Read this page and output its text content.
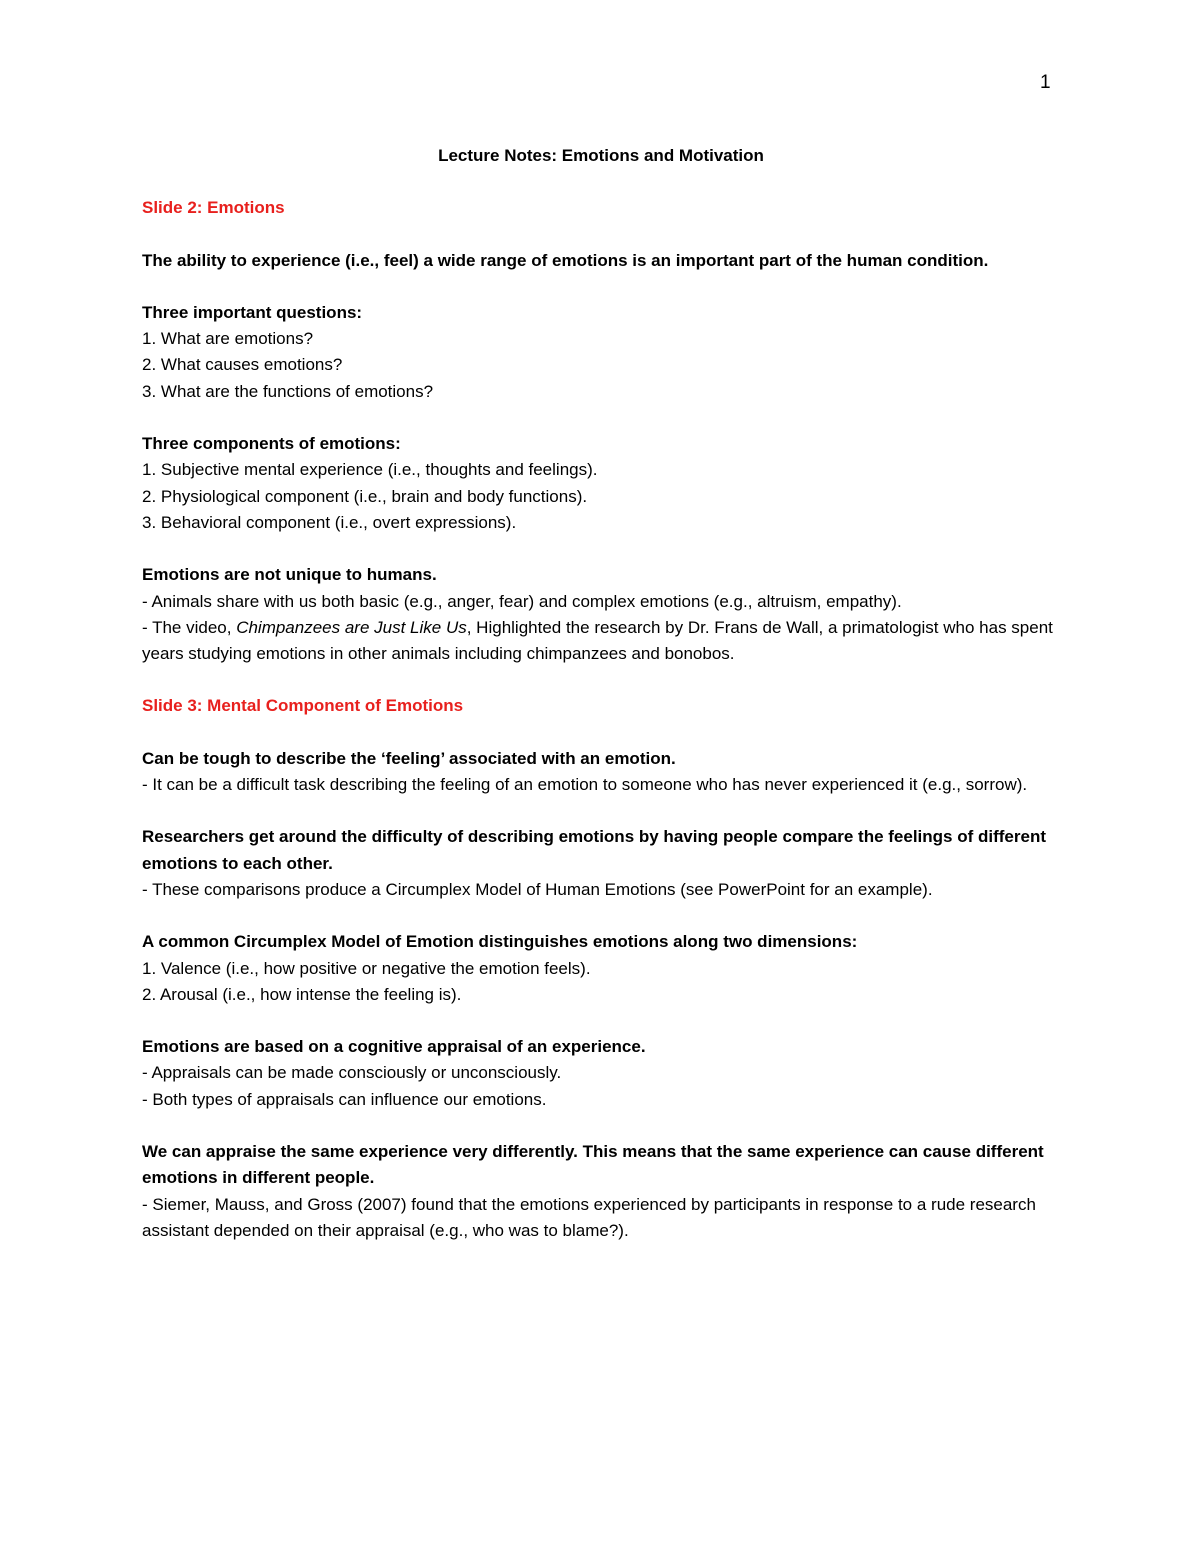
1
Lecture Notes: Emotions and Motivation
Slide 2: Emotions
The ability to experience (i.e., feel) a wide range of emotions is an important part of the human condition.
Three important questions:
1. What are emotions?
2. What causes emotions?
3. What are the functions of emotions?
Three components of emotions:
1. Subjective mental experience (i.e., thoughts and feelings).
2. Physiological component (i.e., brain and body functions).
3. Behavioral component (i.e., overt expressions).
Emotions are not unique to humans.
- Animals share with us both basic (e.g., anger, fear) and complex emotions (e.g., altruism, empathy).
- The video, Chimpanzees are Just Like Us, Highlighted the research by Dr. Frans de Wall, a primatologist who has spent years studying emotions in other animals including chimpanzees and bonobos.
Slide 3: Mental Component of Emotions
Can be tough to describe the ‘feeling’ associated with an emotion.
- It can be a difficult task describing the feeling of an emotion to someone who has never experienced it (e.g., sorrow).
Researchers get around the difficulty of describing emotions by having people compare the feelings of different emotions to each other.
- These comparisons produce a Circumplex Model of Human Emotions (see PowerPoint for an example).
A common Circumplex Model of Emotion distinguishes emotions along two dimensions:
1. Valence (i.e., how positive or negative the emotion feels).
2. Arousal (i.e., how intense the feeling is).
Emotions are based on a cognitive appraisal of an experience.
- Appraisals can be made consciously or unconsciously.
- Both types of appraisals can influence our emotions.
We can appraise the same experience very differently. This means that the same experience can cause different emotions in different people.
- Siemer, Mauss, and Gross (2007) found that the emotions experienced by participants in response to a rude research assistant depended on their appraisal (e.g., who was to blame?).
